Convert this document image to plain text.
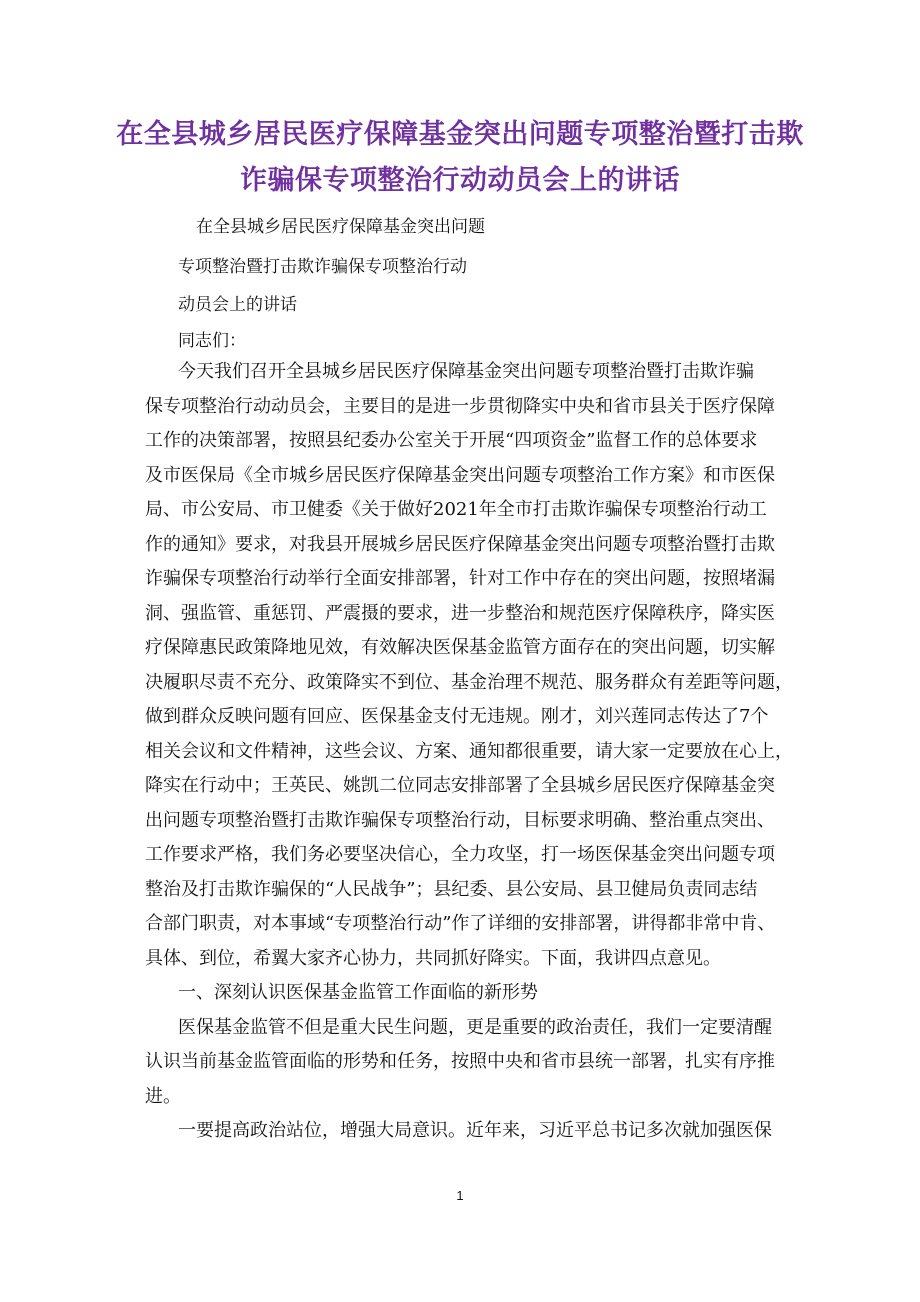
在全县城乡居民医疗保障基金突出问题专项整治暨打击欺
诈骗保专项整治行动动员会上的讲话
在全县城乡居民医疗保障基金突出问题
专项整治暨打击欺诈骗保专项整治行动
动员会上的讲话
同志们：
今天我们召开全县城乡居民医疗保障基金突出问题专项整治暨打击欺诈骗
保专项整治行动动员会，主要目的是进一步贯彻降实中央和省市县关于医疗保障
工作的决策部署，按照县纪委办公室关于开展“四项资金”监督工作的总体要求
及市医保局《全市城乡居民医疗保障基金突出问题专项整治工作方案》和市医保
局、市公安局、市卫健委《关于做好2021年全市打击欺诈骗保专项整治行动工
作的通知》要求，对我县开展城乡居民医疗保障基金突出问题专项整治暨打击欺
诈骗保专项整治行动举行全面安排部署，针对工作中存在的突出问题，按照堵漏
洞、强监管、重惩罚、严震摄的要求，进一步整治和规范医疗保障秩序，降实医
疗保障惠民政策降地见效，有效解决医保基金监管方面存在的突出问题，切实解
决履职尽责不充分、政策降实不到位、基金治理不规范、服务群众有差距等问题，
做到群众反映问题有回应、医保基金支付无违规。刚才，刘兴莲同志传达了7个
相关会议和文件精神，这些会议、方案、通知都很重要，请大家一定要放在心上，
降实在行动中；王英民、姚凯二位同志安排部署了全县城乡居民医疗保障基金突
出问题专项整治暨打击欺诈骗保专项整治行动，目标要求明确、整治重点突出、
工作要求严格，我们务必要坚决信心，全力攻坚，打一场医保基金突出问题专项
整治及打击欺诈骗保的“人民战争”；县纪委、县公安局、县卫健局负责同志结
合部门职责，对本事域“专项整治行动”作了详细的安排部署，讲得都非常中肯、
具体、到位，希翼大家齐心协力，共同抓好降实。下面，我讲四点意见。
一、深刻认识医保基金监管工作面临的新形势
医保基金监管不但是重大民生问题，更是重要的政治责任，我们一定要清醒
认识当前基金监管面临的形势和任务，按照中央和省市县统一部署，扎实有序推
进。
一要提高政治站位，增强大局意识。近年来，习近平总书记多次就加强医保
1
